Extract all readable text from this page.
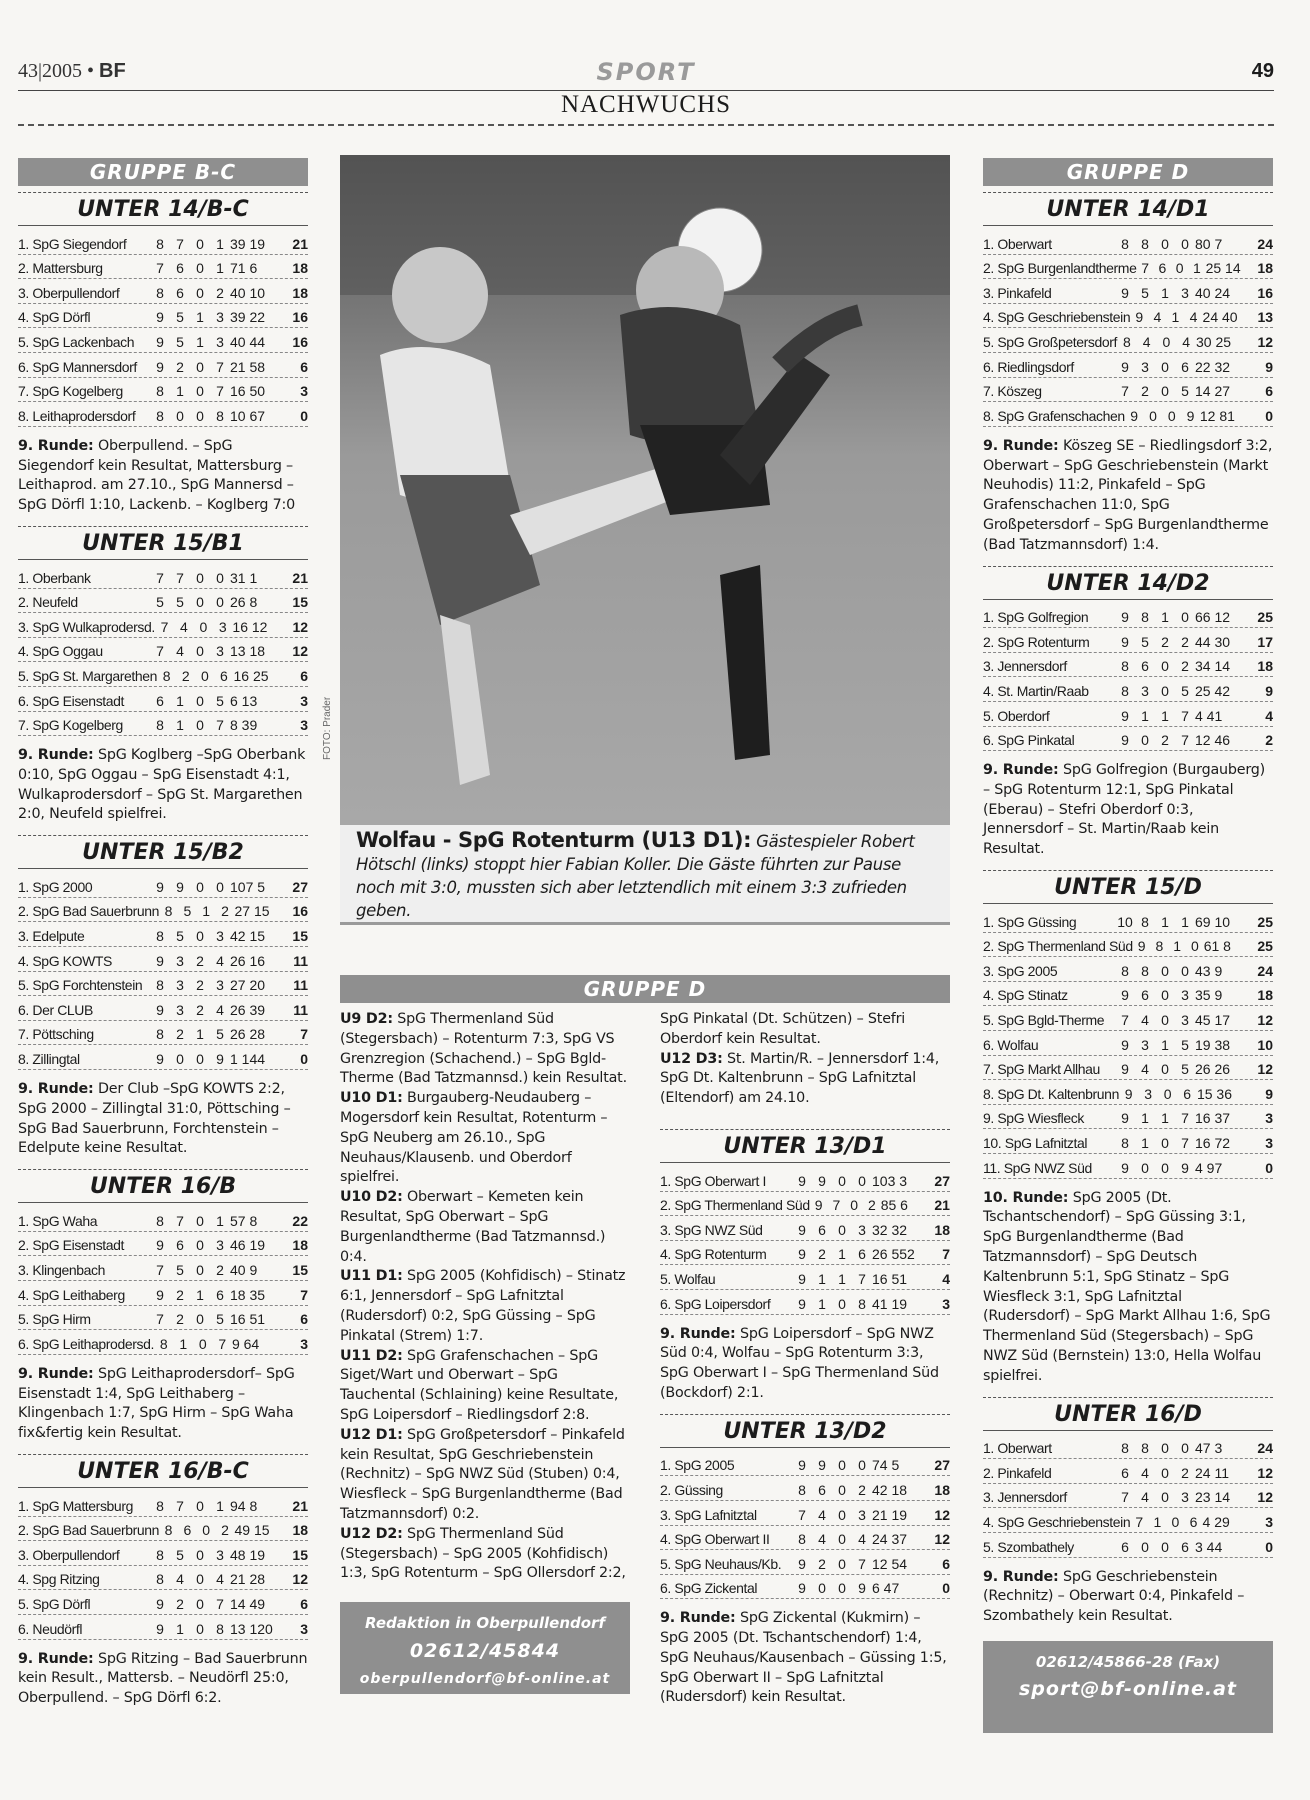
43|2005 • BF	SPORT	49
NACHWUCHS
GRUPPE B-C
UNTER 14/B-C
1. SpG Siegendorf	8 7 0 1 39 19	21
2. Mattersburg	7 6 0 1 71 6	18
3. Oberpullendorf	8 6 0 2 40 10	18
4. SpG Dörfl	9 5 1 3 39 22	16
5. SpG Lackenbach	9 5 1 3 40 44	16
6. SpG Mannersdorf	9 2 0 7 21 58	6
7. SpG Kogelberg	8 1 0 7 16 50	3
8. Leithaprodersdorf	8 0 0 8 10 67	0
9. Runde: Oberpullend. – SpG Siegendorf kein Resultat, Mattersburg – Leithaprod. am 27.10., SpG Mannersd – SpG Dörfl 1:10, Lackenb. – Koglberg 7:0
UNTER 15/B1
1. Oberbank	7 7 0 0 31 1	21
2. Neufeld	5 5 0 0 26 8	15
3. SpG Wulkaprodersd. 7 4 0 3 16 12	12
4. SpG Oggau	7 4 0 3 13 18	12
5. SpG St. Margarethen 8 2 0 6 16 25	6
6. SpG Eisenstadt	6 1 0 5 6 13	3
7. SpG Kogelberg	8 1 0 7 8 39	3
9. Runde: SpG Koglberg –SpG Oberbank 0:10, SpG Oggau – SpG Eisenstadt 4:1, Wulkaprodersdorf – SpG St. Margarethen 2:0, Neufeld spielfrei.
UNTER 15/B2
1. SpG 2000	9 9 0 0 107 5	27
2. SpG Bad Sauerbrunn 8 5 1 2 27 15	16
3. Edelpute	8 5 0 3 42 15	15
4. SpG KOWTS	9 3 2 4 26 16	11
5. SpG Forchtenstein 8 3 2 3 27 20	11
6. Der CLUB	9 3 2 4 26 39	11
7. Pöttsching	8 2 1 5 26 28	7
8. Zillingtal	9 0 0 9 1 144	0
9. Runde: Der Club –SpG KOWTS 2:2, SpG 2000 – Zillingtal 31:0, Pöttsching – SpG Bad Sauerbrunn, Forchtenstein – Edelpute keine Resultat.
UNTER 16/B
1. SpG Waha	8 7 0 1 57 8	22
2. SpG Eisenstadt	9 6 0 3 46 19	18
3. Klingenbach	7 5 0 2 40 9	15
4. SpG Leithaberg	9 2 1 6 18 35	7
5. SpG Hirm	7 2 0 5 16 51	6
6. SpG Leithaprodersd. 8 1 0 7 9 64	3
9. Runde: SpG Leithaprodersdorf– SpG Eisenstadt 1:4, SpG Leithaberg – Klingenbach 1:7, SpG Hirm – SpG Waha fix&fertig kein Resultat.
UNTER 16/B-C
1. SpG Mattersburg	8 7 0 1 94 8	21
2. SpG Bad Sauerbrunn 8 6 0 2 49 15	18
3. Oberpullendorf	8 5 0 3 48 19	15
4. Spg Ritzing	8 4 0 4 21 28	12
5. SpG Dörfl	9 2 0 7 14 49	6
6. Neudörfl	9 1 0 8 13 120	3
9. Runde: SpG Ritzing – Bad Sauerbrunn kein Result., Mattersb. – Neudörfl 25:0, Oberpullend. – SpG Dörfl 6:2.
FOTO: Prader
Wolfau - SpG Rotenturm (U13 D1): Gästespieler Robert Hötschl (links) stoppt hier Fabian Koller. Die Gäste führten zur Pause noch mit 3:0, mussten sich aber letztendlich mit einem 3:3 zufrieden geben.
GRUPPE D
U9 D2: SpG Thermenland Süd (Stegersbach) – Rotenturm 7:3, SpG VS Grenzregion (Schachend.) – SpG Bgld-Therme (Bad Tatzmannsd.) kein Resultat.
U10 D1: Burgauberg-Neudauberg – Mogersdorf kein Resultat, Rotenturm – SpG Neuberg am 26.10., SpG Neuhaus/Klausenb. und Oberdorf spielfrei.
U10 D2: Oberwart – Kemeten kein Resultat, SpG Oberwart – SpG Burgenlandtherme (Bad Tatzmannsd.) 0:4.
U11 D1: SpG 2005 (Kohfidisch) – Stinatz 6:1, Jennersdorf – SpG Lafnitztal (Rudersdorf) 0:2, SpG Güssing – SpG Pinkatal (Strem) 1:7.
U11 D2: SpG Grafenschachen – SpG Siget/Wart und Oberwart – SpG Tauchental (Schlaining) keine Resultate, SpG Loipersdorf – Riedlingsdorf 2:8.
U12 D1: SpG Großpetersdorf – Pinkafeld kein Resultat, SpG Geschriebenstein (Rechnitz) – SpG NWZ Süd (Stuben) 0:4, Wiesfleck – SpG Burgenlandtherme (Bad Tatzmannsdorf) 0:2.
U12 D2: SpG Thermenland Süd (Stegersbach) – SpG 2005 (Kohfidisch) 1:3, SpG Rotenturm – SpG Ollersdorf 2:2,
Redaktion in Oberpullendorf
02612/45844
oberpullendorf@bf-online.at
SpG Pinkatal (Dt. Schützen) – Stefri Oberdorf kein Resultat.
U12 D3: St. Martin/R. – Jennersdorf 1:4, SpG Dt. Kaltenbrunn – SpG Lafnitztal (Eltendorf) am 24.10.
UNTER 13/D1
1. SpG Oberwart I	9 9 0 0 103 3	27
2. SpG Thermenland Süd 9 7 0 2 85 6	21
3. SpG NWZ Süd	9 6 0 3 32 32	18
4. SpG Rotenturm	9 2 1 6 26 552	7
5. Wolfau	9 1 1 7 16 51	4
6. SpG Loipersdorf	9 1 0 8 41 19	3
9. Runde: SpG Loipersdorf – SpG NWZ Süd 0:4, Wolfau – SpG Rotenturm 3:3, SpG Oberwart I – SpG Thermenland Süd (Bockdorf) 2:1.
UNTER 13/D2
1. SpG 2005	9 9 0 0 74 5	27
2. Güssing	8 6 0 2 42 18	18
3. SpG Lafnitztal	7 4 0 3 21 19	12
4. SpG Oberwart II	8 4 0 4 24 37	12
5. SpG Neuhaus/Kb.	9 2 0 7 12 54	6
6. SpG Zickental	9 0 0 9 6 47	0
9. Runde: SpG Zickental (Kukmirn) – SpG 2005 (Dt. Tschantschendorf) 1:4, SpG Neuhaus/Kausenbach – Güssing 1:5, SpG Oberwart II – SpG Lafnitztal (Rudersdorf) kein Resultat.
GRUPPE D
UNTER 14/D1
1. Oberwart	8 8 0 0 80 7	24
2. SpG Burgenlandtherme 7 6 0 1 25 14	18
3. Pinkafeld	9 5 1 3 40 24	16
4. SpG Geschriebenstein 9 4 1 4 24 40	13
5. SpG Großpetersdorf 8 4 0 4 30 25	12
6. Riedlingsdorf	9 3 0 6 22 32	9
7. Köszeg	7 2 0 5 14 27	6
8. SpG Grafenschachen 9 0 0 9 12 81	0
9. Runde: Köszeg SE – Riedlingsdorf 3:2, Oberwart – SpG Geschriebenstein (Markt Neuhodis) 11:2, Pinkafeld – SpG Grafenschachen 11:0, SpG Großpetersdorf – SpG Burgenlandtherme (Bad Tatzmannsdorf) 1:4.
UNTER 14/D2
1. SpG Golfregion	9 8 1 0 66 12	25
2. SpG Rotenturm	9 5 2 2 44 30	17
3. Jennersdorf	8 6 0 2 34 14	18
4. St. Martin/Raab	8 3 0 5 25 42	9
5. Oberdorf	9 1 1 7 4 41	4
6. SpG Pinkatal	9 0 2 7 12 46	2
9. Runde: SpG Golfregion (Burgauberg) – SpG Rotenturm 12:1, SpG Pinkatal (Eberau) – Stefri Oberdorf 0:3, Jennersdorf – St. Martin/Raab kein Resultat.
UNTER 15/D
1. SpG Güssing	10 8 1 1 69 10	25
2. SpG Thermenland Süd 9 8 1 0 61 8	25
3. SpG 2005	8 8 0 0 43 9	24
4. SpG Stinatz	9 6 0 3 35 9	18
5. SpG Bgld-Therme	7 4 0 3 45 17	12
6. Wolfau	9 3 1 5 19 38	10
7. SpG Markt Allhau	9 4 0 5 26 26	12
8. SpG Dt. Kaltenbrunn 9 3 0 6 15 36	9
9. SpG Wiesfleck	9 1 1 7 16 37	3
10. SpG Lafnitztal	8 1 0 7 16 72	3
11. SpG NWZ Süd	9 0 0 9 4 97	0
10. Runde: SpG 2005 (Dt. Tschantschendorf) – SpG Güssing 3:1, SpG Burgenlandtherme (Bad Tatzmannsdorf) – SpG Deutsch Kaltenbrunn 5:1, SpG Stinatz – SpG Wiesfleck 3:1, SpG Lafnitztal (Rudersdorf) – SpG Markt Allhau 1:6, SpG Thermenland Süd (Stegersbach) – SpG NWZ Süd (Bernstein) 13:0, Hella Wolfau spielfrei.
UNTER 16/D
1. Oberwart	8 8 0 0 47 3	24
2. Pinkafeld	6 4 0 2 24 11	12
3. Jennersdorf	7 4 0 3 23 14	12
4. SpG Geschriebenstein 7 1 0 6 4 29	3
5. Szombathely	6 0 0 6 3 44	0
9. Runde: SpG Geschriebenstein (Rechnitz) – Oberwart 0:4, Pinkafeld – Szombathely kein Resultat.
02612/45866-28 (Fax)
sport@bf-online.at
